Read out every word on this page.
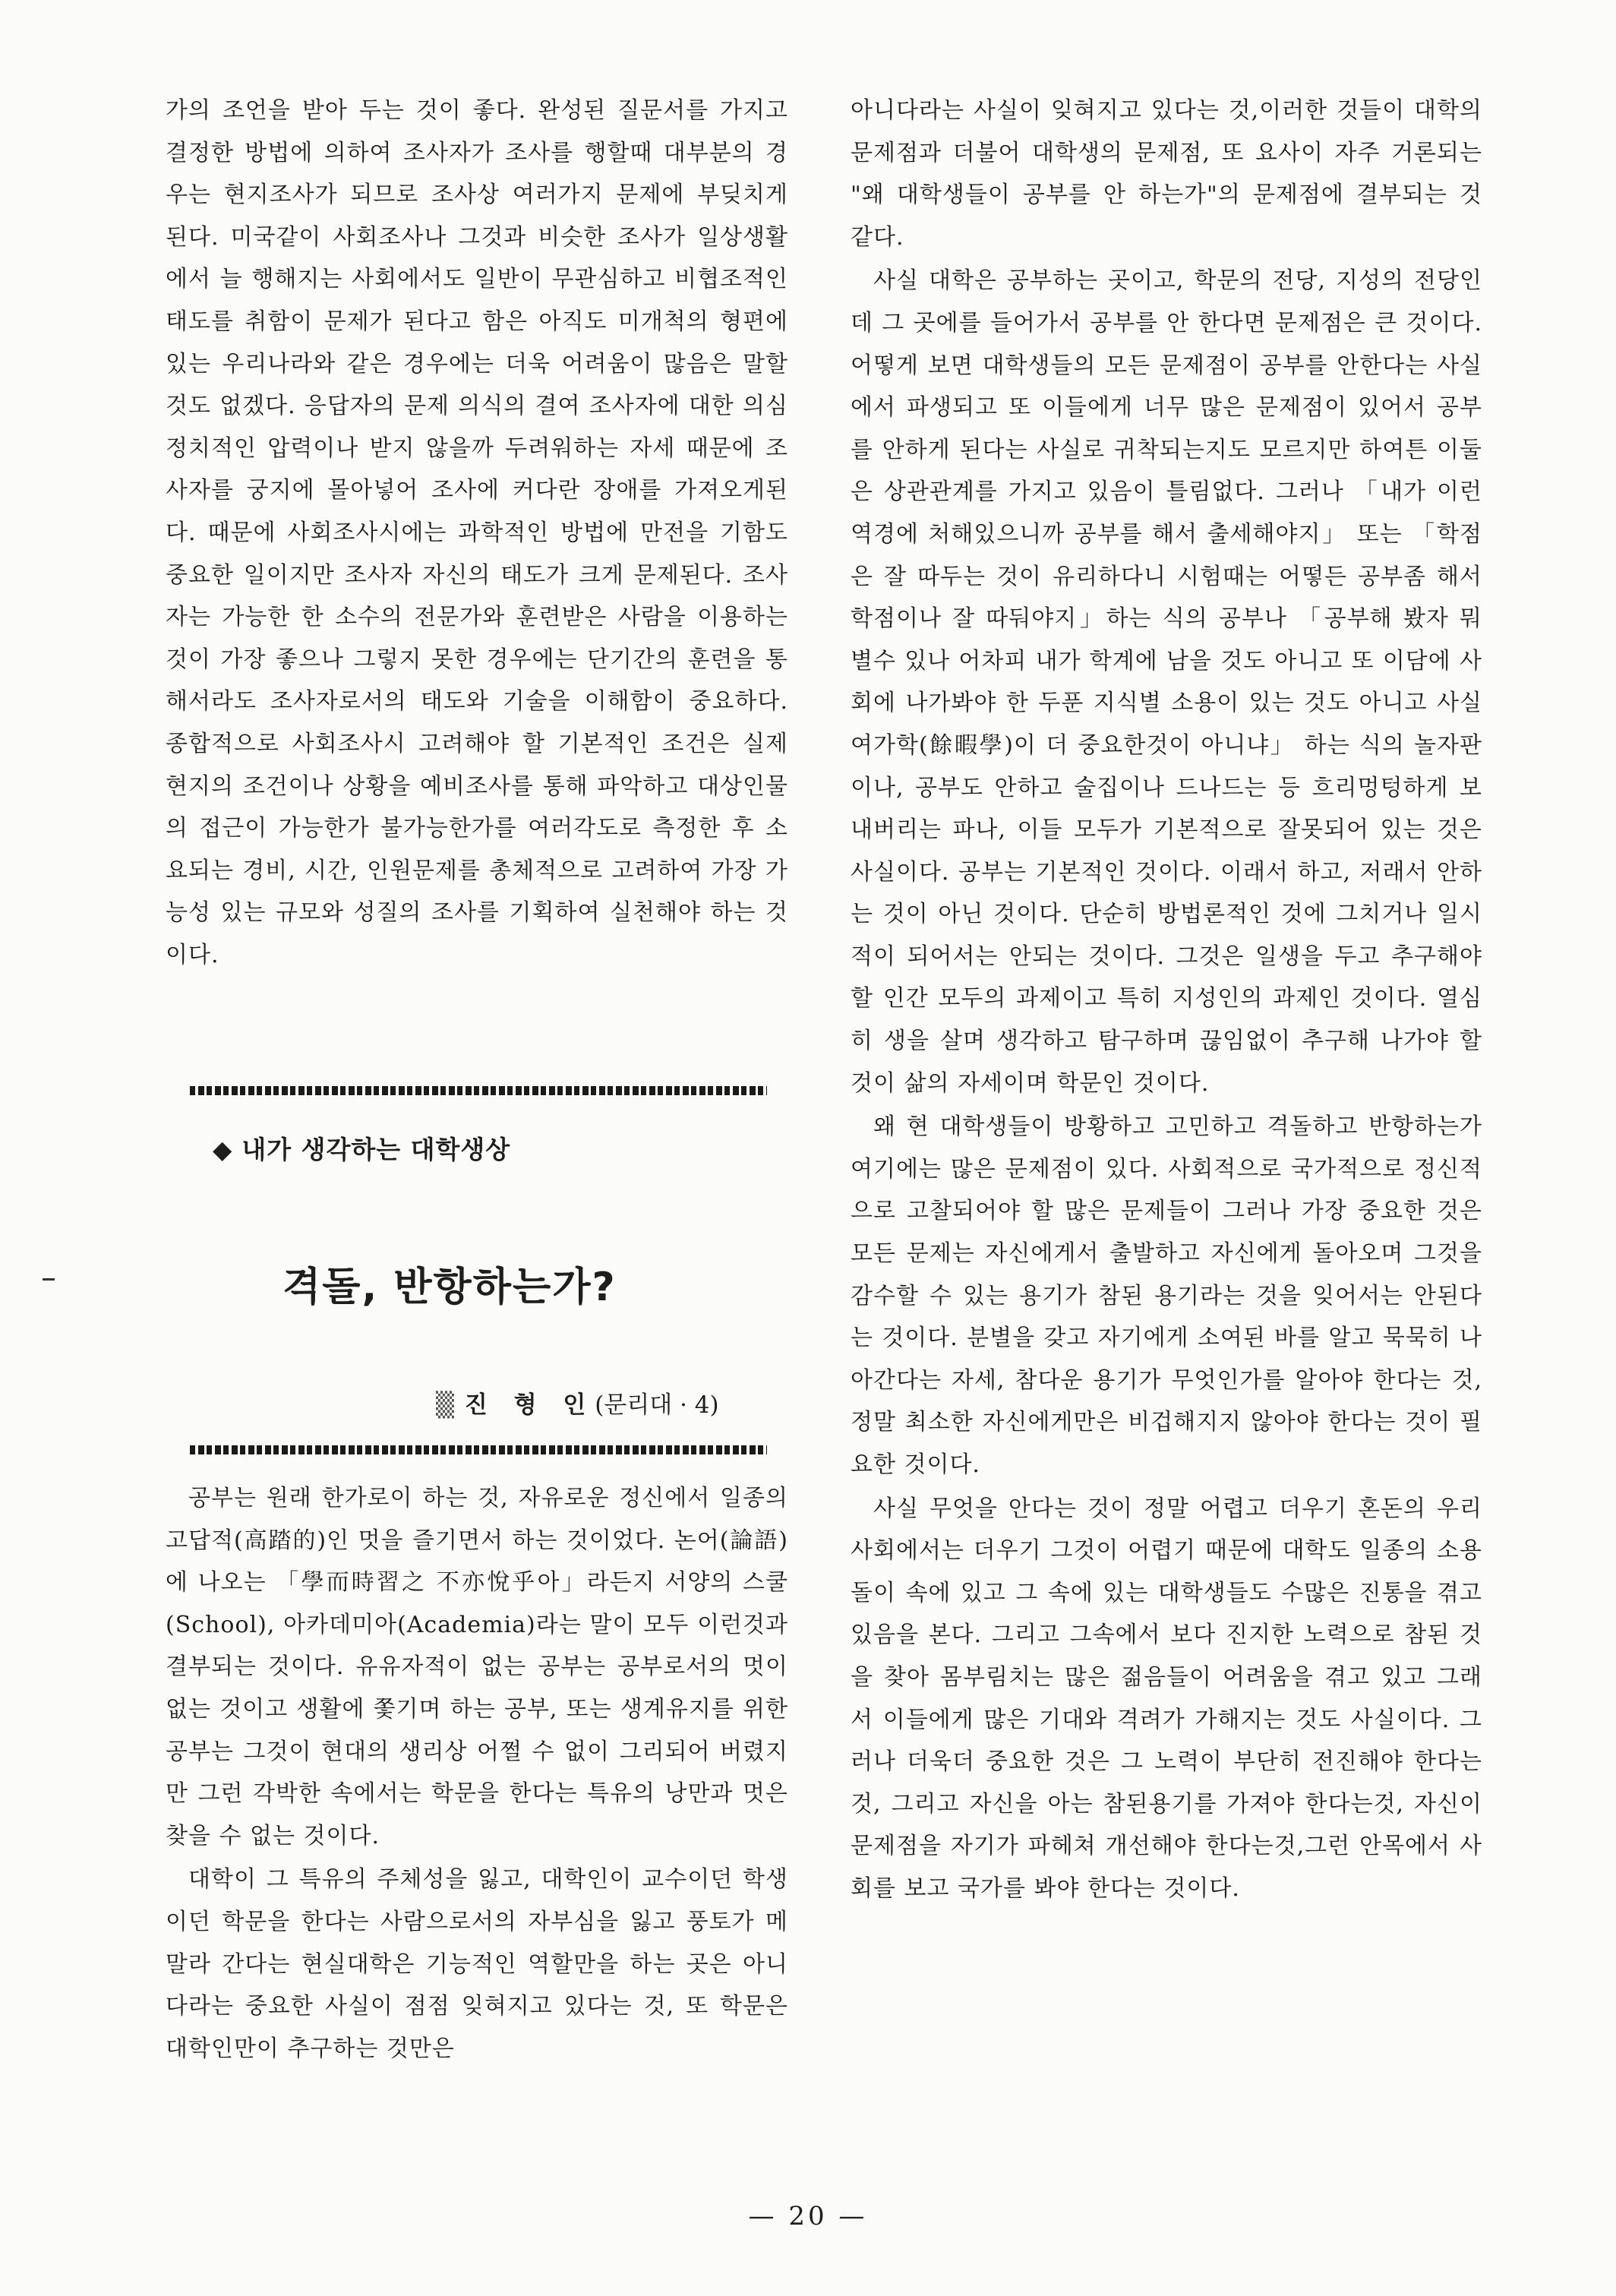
가의 조언을 받아 두는 것이 좋다. 완성된 질문서를 가지고 결정한 방법에 의하여 조사자가 조사를 행할때 대부분의 경우는 현지조사가 되므로 조사상 여러가지 문제에 부딪치게 된다. 미국같이 사회조사나 그것과 비슷한 조사가 일상생활에서 늘 행해지는 사회에서도 일반이 무관심하고 비협조적인 태도를 취함이 문제가 된다고 함은 아직도 미개척의 형편에 있는 우리나라와 같은 경우에는 더욱 어려움이 많음은 말할것도 없겠다. 응답자의 문제 의식의 결여 조사자에 대한 의심 정치적인 압력이나 받지 않을까 두려워하는 자세 때문에 조사자를 궁지에 몰아넣어 조사에 커다란 장애를 가져오게된다. 때문에 사회조사시에는 과학적인 방법에 만전을 기함도 중요한 일이지만 조사자 자신의 태도가 크게 문제된다. 조사자는 가능한 한 소수의 전문가와 훈련받은 사람을 이용하는 것이 가장 좋으나 그렇지 못한 경우에는 단기간의 훈련을 통해서라도 조사자로서의 태도와 기술을 이해함이 중요하다. 종합적으로 사회조사시 고려해야 할 기본적인 조건은 실제 현지의 조건이나 상황을 예비조사를 통해 파악하고 대상인물의 접근이 가능한가 불가능한가를 여러각도로 측정한 후 소요되는 경비, 시간, 인원문제를 총체적으로 고려하여 가장 가능성 있는 규모와 성질의 조사를 기획하여 실천해야 하는 것이다.

◆ 내가 생각하는 대학생상
격돌, 반항하는가?
▒ 진 형 인(문리대 · 4)

공부는 원래 한가로이 하는 것, 자유로운 정신에서 일종의 고답적(高踏的)인 멋을 즐기면서 하는 것이었다. 논어(論語)에 나오는 「學而時習之 不亦悅乎아」라든지 서양의 스쿨(School), 아카데미아(Academia)라는 말이 모두 이런것과 결부되는 것이다. 유유자적이 없는 공부는 공부로서의 멋이 없는 것이고 생활에 쫓기며 하는 공부, 또는 생계유지를 위한 공부는 그것이 현대의 생리상 어쩔 수 없이 그리되어 버렸지만 그런 각박한 속에서는 학문을 한다는 특유의 낭만과 멋은 찾을 수 없는 것이다.

대학이 그 특유의 주체성을 잃고, 대학인이 교수이던 학생이던 학문을 한다는 사람으로서의 자부심을 잃고 풍토가 메말라 간다는 현실대학은 기능적인 역할만을 하는 곳은 아니다라는 중요한 사실이 점점 잊혀지고 있다는 것, 또 학문은 대학인만이 추구하는 것만은

아니다라는 사실이 잊혀지고 있다는 것,이러한 것들이 대학의 문제점과 더불어 대학생의 문제점, 또 요사이 자주 거론되는 "왜 대학생들이 공부를 안 하는가"의 문제점에 결부되는 것 같다.

사실 대학은 공부하는 곳이고, 학문의 전당, 지성의 전당인데 그 곳에를 들어가서 공부를 안 한다면 문제점은 큰 것이다. 어떻게 보면 대학생들의 모든 문제점이 공부를 안한다는 사실에서 파생되고 또 이들에게 너무 많은 문제점이 있어서 공부를 안하게 된다는 사실로 귀착되는지도 모르지만 하여튼 이둘은 상관관계를 가지고 있음이 틀림없다. 그러나 「내가 이런 역경에 처해있으니까 공부를 해서 출세해야지」 또는 「학점은 잘 따두는 것이 유리하다니 시험때는 어떻든 공부좀 해서 학점이나 잘 따둬야지」하는 식의 공부나 「공부해 봤자 뭐 별수 있나 어차피 내가 학계에 남을 것도 아니고 또 이담에 사회에 나가봐야 한 두푼 지식별 소용이 있는 것도 아니고 사실 여가학(餘暇學)이 더 중요한것이 아니냐」 하는 식의 놀자판이나, 공부도 안하고 술집이나 드나드는 등 흐리멍텅하게 보내버리는 파나, 이들 모두가 기본적으로 잘못되어 있는 것은 사실이다. 공부는 기본적인 것이다. 이래서 하고, 저래서 안하는 것이 아닌 것이다. 단순히 방법론적인 것에 그치거나 일시적이 되어서는 안되는 것이다. 그것은 일생을 두고 추구해야 할 인간 모두의 과제이고 특히 지성인의 과제인 것이다. 열심히 생을 살며 생각하고 탐구하며 끊임없이 추구해 나가야 할 것이 삶의 자세이며 학문인 것이다.

왜 현 대학생들이 방황하고 고민하고 격돌하고 반항하는가 여기에는 많은 문제점이 있다. 사회적으로 국가적으로 정신적으로 고찰되어야 할 많은 문제들이 그러나 가장 중요한 것은 모든 문제는 자신에게서 출발하고 자신에게 돌아오며 그것을 감수할 수 있는 용기가 참된 용기라는 것을 잊어서는 안된다는 것이다. 분별을 갖고 자기에게 소여된 바를 알고 묵묵히 나아간다는 자세, 참다운 용기가 무엇인가를 알아야 한다는 것, 정말 최소한 자신에게만은 비겁해지지 않아야 한다는 것이 필요한 것이다.

사실 무엇을 안다는 것이 정말 어렵고 더우기 혼돈의 우리사회에서는 더우기 그것이 어렵기 때문에 대학도 일종의 소용돌이 속에 있고 그 속에 있는 대학생들도 수많은 진통을 겪고 있음을 본다. 그리고 그속에서 보다 진지한 노력으로 참된 것을 찾아 몸부림치는 많은 젊음들이 어려움을 겪고 있고 그래서 이들에게 많은 기대와 격려가 가해지는 것도 사실이다. 그러나 더욱더 중요한 것은 그 노력이 부단히 전진해야 한다는 것, 그리고 자신을 아는 참된용기를 가져야 한다는것, 자신이 문제점을 자기가 파헤쳐 개선해야 한다는것,그런 안목에서 사회를 보고 국가를 봐야 한다는 것이다.

— 20 —
